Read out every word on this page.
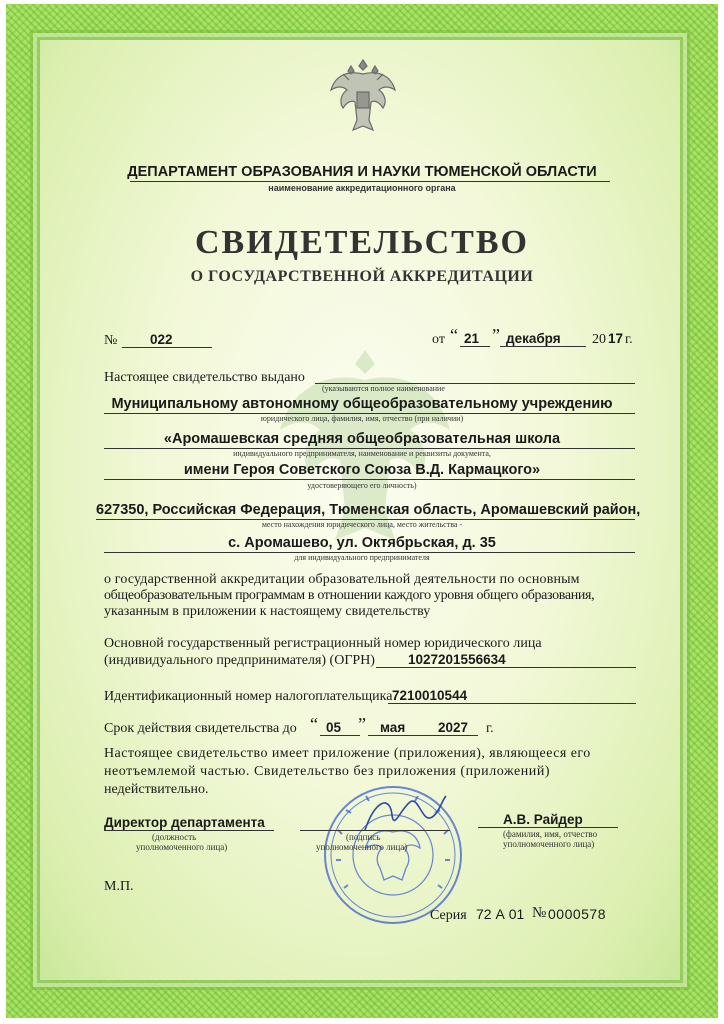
ДЕПАРТАМЕНТ ОБРАЗОВАНИЯ И НАУКИ ТЮМЕНСКОЙ ОБЛАСТИ
наименование аккредитационного органа
СВИДЕТЕЛЬСТВО
О ГОСУДАРСТВЕННОЙ АККРЕДИТАЦИИ
№ 022	от “ 21 ” декабря 20 17 г.
Настоящее свидетельство выдано
(указываются полное наименование
Муниципальному автономному общеобразовательному учреждению
юридического лица, фамилия, имя, отчество (при наличии)
«Аромашевская средняя общеобразовательная школа
индивидуального предпринимателя, наименование и реквизиты документа,
имени Героя Советского Союза В.Д. Кармацкого»
удостоверяющего его личность)
627350, Российская Федерация, Тюменская область, Аромашевский район,
место нахождения юридического лица, место жительства -
с. Аромашево, ул. Октябрьская, д. 35
для индивидуального предпринимателя
о государственной аккредитации образовательной деятельности по основным
общеобразовательным программам в отношении каждого уровня общего образования,
указанным в приложении к настоящему свидетельству
Основной государственный регистрационный номер юридического лица
(индивидуального предпринимателя) (ОГРН) 1027201556634
Идентификационный номер налогоплательщика 7210010544
Срок действия свидетельства до “ 05 ” мая 2027 г.
Настоящее свидетельство имеет приложение (приложения), являющееся его
неотъемлемой частью. Свидетельство без приложения (приложений)
недействительно.
Директор департамента
(должность
уполномоченного лица)
(подпись
уполномоченного лица)
А.В. Райдер
(фамилия, имя, отчество
уполномоченного лица)
М.П.
Серия 72 А 01 № 0000578
